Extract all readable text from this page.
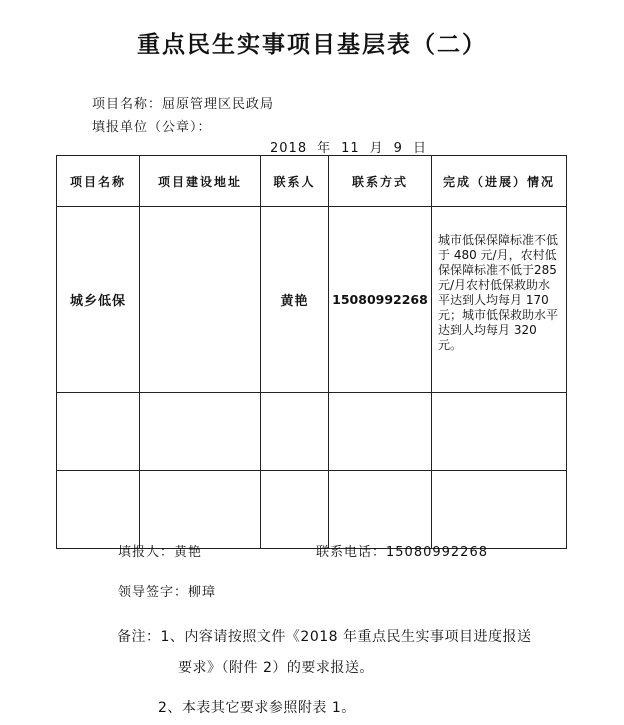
重点民生实事项目基层表（二）
项目名称：屈原管理区民政局
填报单位（公章）：
2018 年 11 月 9 日
项目名称	项目建设地址	联系人	联系方式	完成（进展）情况
城乡低保		黄艳	15080992268	城市低保保障标准不低于 480 元/月，农村低保保障标准不低于285元/月农村低保救助水平达到人均每月 170 元；城市低保救助水平达到人均每月 320 元。

填报人：黄艳	联系电话：15080992268
领导签字：柳璋
备注：1、内容请按照文件《2018 年重点民生实事项目进度报送
要求》（附件 2）的要求报送。
2、本表其它要求参照附表 1。
